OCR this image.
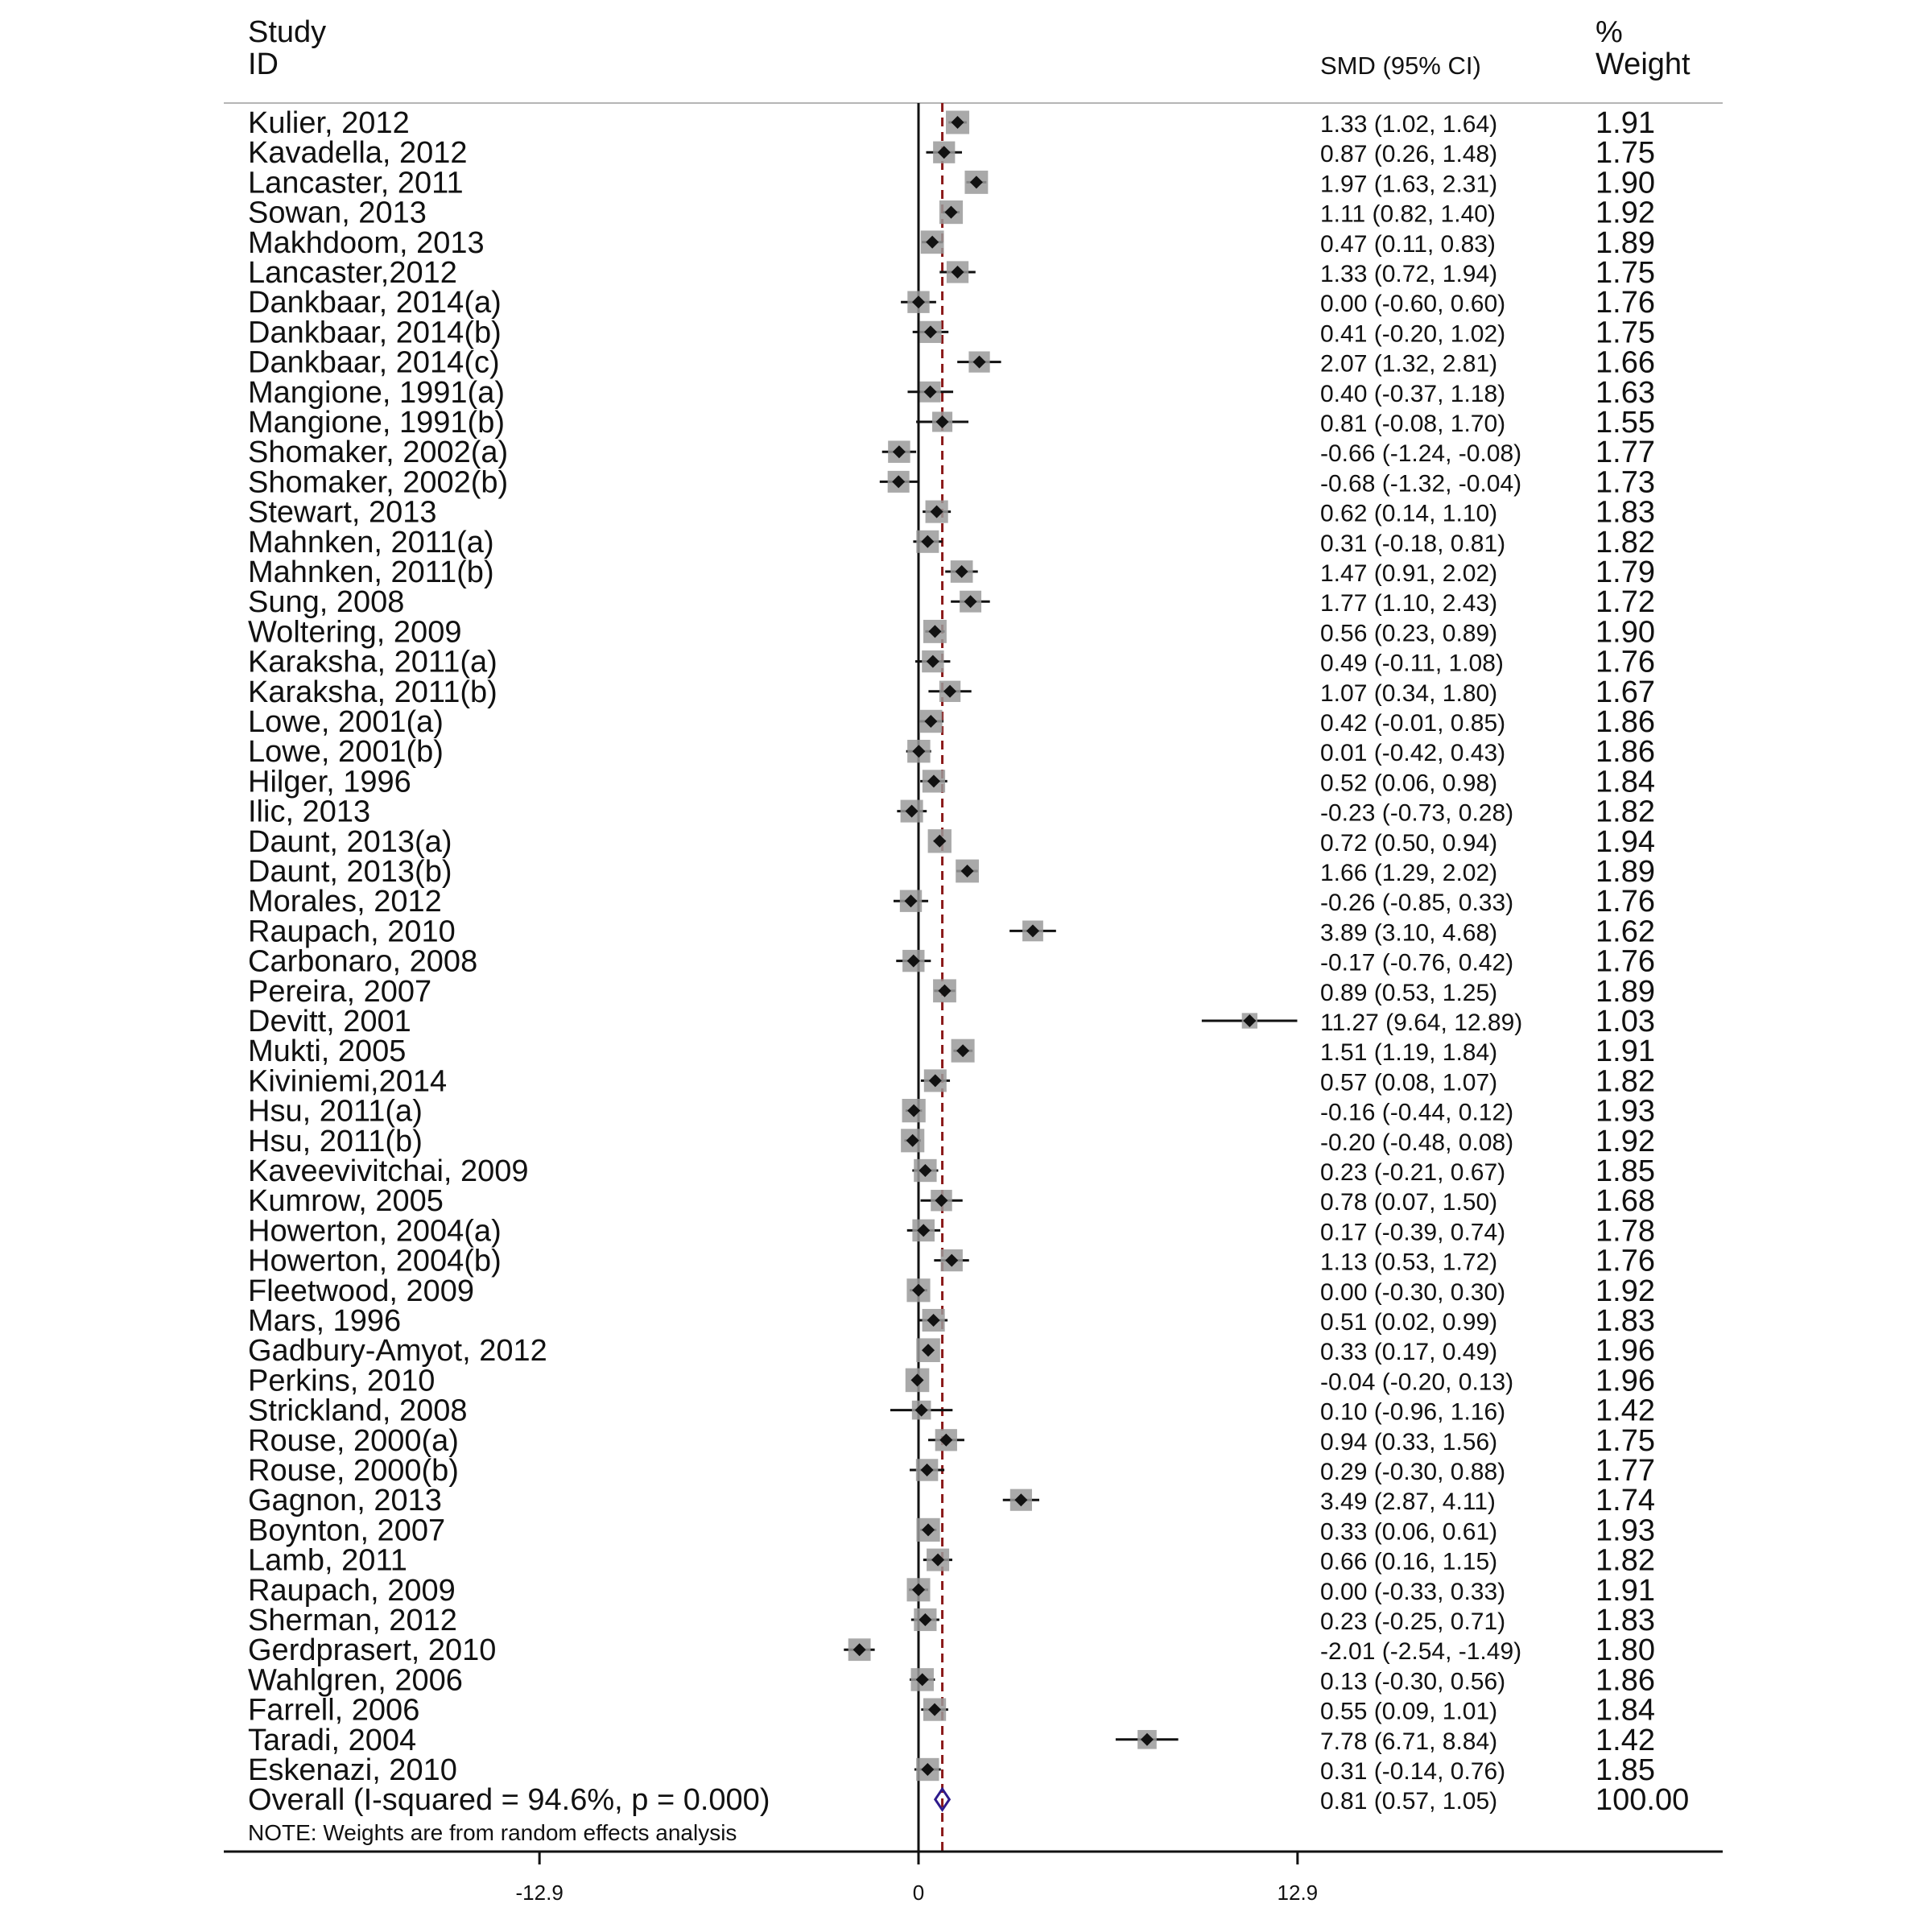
Study
ID	SMD (95% CI)
%
Weight
Kulier, 2012	1.33 (1.02, 1.64)	1.91
Kavadella, 2012	0.87 (0.26, 1.48)	1.75
Lancaster, 2011	1.97 (1.63, 2.31)	1.90
Sowan, 2013	1.11 (0.82, 1.40)	1.92
Makhdoom, 2013	0.47 (0.11, 0.83)	1.89
Lancaster,2012	1.33 (0.72, 1.94)	1.75
Dankbaar, 2014(a)	0.00 (-0.60, 0.60)	1.76
Dankbaar, 2014(b)	0.41 (-0.20, 1.02)	1.75
Dankbaar, 2014(c)	2.07 (1.32, 2.81)	1.66
Mangione, 1991(a)	0.40 (-0.37, 1.18)	1.63
Mangione, 1991(b)	0.81 (-0.08, 1.70)	1.55
Shomaker, 2002(a)	-0.66 (-1.24, -0.08) 1.77
Shomaker, 2002(b)	-0.68 (-1.32, -0.04) 1.73
Stewart, 2013	0.62 (0.14, 1.10)	1.83
Mahnken, 2011(a)	0.31 (-0.18, 0.81)	1.82
Mahnken, 2011(b)	1.47 (0.91, 2.02)	1.79
Sung, 2008	1.77 (1.10, 2.43)	1.72
Woltering, 2009	0.56 (0.23, 0.89)	1.90
Karaksha, 2011(a)	0.49 (-0.11, 1.08)	1.76
Karaksha, 2011(b)	1.07 (0.34, 1.80)	1.67
Lowe, 2001(a)	0.42 (-0.01, 0.85)	1.86
Lowe, 2001(b)	0.01 (-0.42, 0.43)	1.86
Hilger, 1996	0.52 (0.06, 0.98)	1.84
Ilic, 2013	-0.23 (-0.73, 0.28)	1.82
Daunt, 2013(a)	0.72 (0.50, 0.94)	1.94
Daunt, 2013(b)	1.66 (1.29, 2.02)	1.89
Morales, 2012	-0.26 (-0.85, 0.33)	1.76
Raupach, 2010	3.89 (3.10, 4.68)	1.62
Carbonaro, 2008	-0.17 (-0.76, 0.42)	1.76
Pereira, 2007	0.89 (0.53, 1.25)	1.89
Devitt, 2001	11.27 (9.64, 12.89) 1.03
Mukti, 2005	1.51 (1.19, 1.84)	1.91
Kiviniemi,2014	0.57 (0.08, 1.07)	1.82
Hsu, 2011(a)	-0.16 (-0.44, 0.12)	1.93
Hsu, 2011(b)	-0.20 (-0.48, 0.08)	1.92
Kaveevivitchai, 2009	0.23 (-0.21, 0.67)	1.85
Kumrow, 2005	0.78 (0.07, 1.50)	1.68
Howerton, 2004(a)	0.17 (-0.39, 0.74)	1.78
Howerton, 2004(b)	1.13 (0.53, 1.72)	1.76
Fleetwood, 2009	0.00 (-0.30, 0.30)	1.92
Mars, 1996	0.51 (0.02, 0.99)	1.83
Gadbury-Amyot, 2012	0.33 (0.17, 0.49)	1.96
Perkins, 2010	-0.04 (-0.20, 0.13)	1.96
Strickland, 2008	0.10 (-0.96, 1.16)	1.42
Rouse, 2000(a)	0.94 (0.33, 1.56)	1.75
Rouse, 2000(b)	0.29 (-0.30, 0.88)	1.77
Gagnon, 2013	3.49 (2.87, 4.11)	1.74
Boynton, 2007	0.33 (0.06, 0.61)	1.93
Lamb, 2011	0.66 (0.16, 1.15)	1.82
Raupach, 2009	0.00 (-0.33, 0.33)	1.91
Sherman, 2012	0.23 (-0.25, 0.71)	1.83
Gerdprasert, 2010	-2.01 (-2.54, -1.49) 1.80
Wahlgren, 2006	0.13 (-0.30, 0.56)	1.86
Farrell, 2006	0.55 (0.09, 1.01)	1.84
Taradi, 2004	7.78 (6.71, 8.84)	1.42
Eskenazi, 2010	0.31 (-0.14, 0.76)	1.85
Overall (I-squared = 94.6%, p = 0.000)	0.81 (0.57, 1.05)	100.00
NOTE: Weights are from random effects analysis
-12.9	0	12.9
